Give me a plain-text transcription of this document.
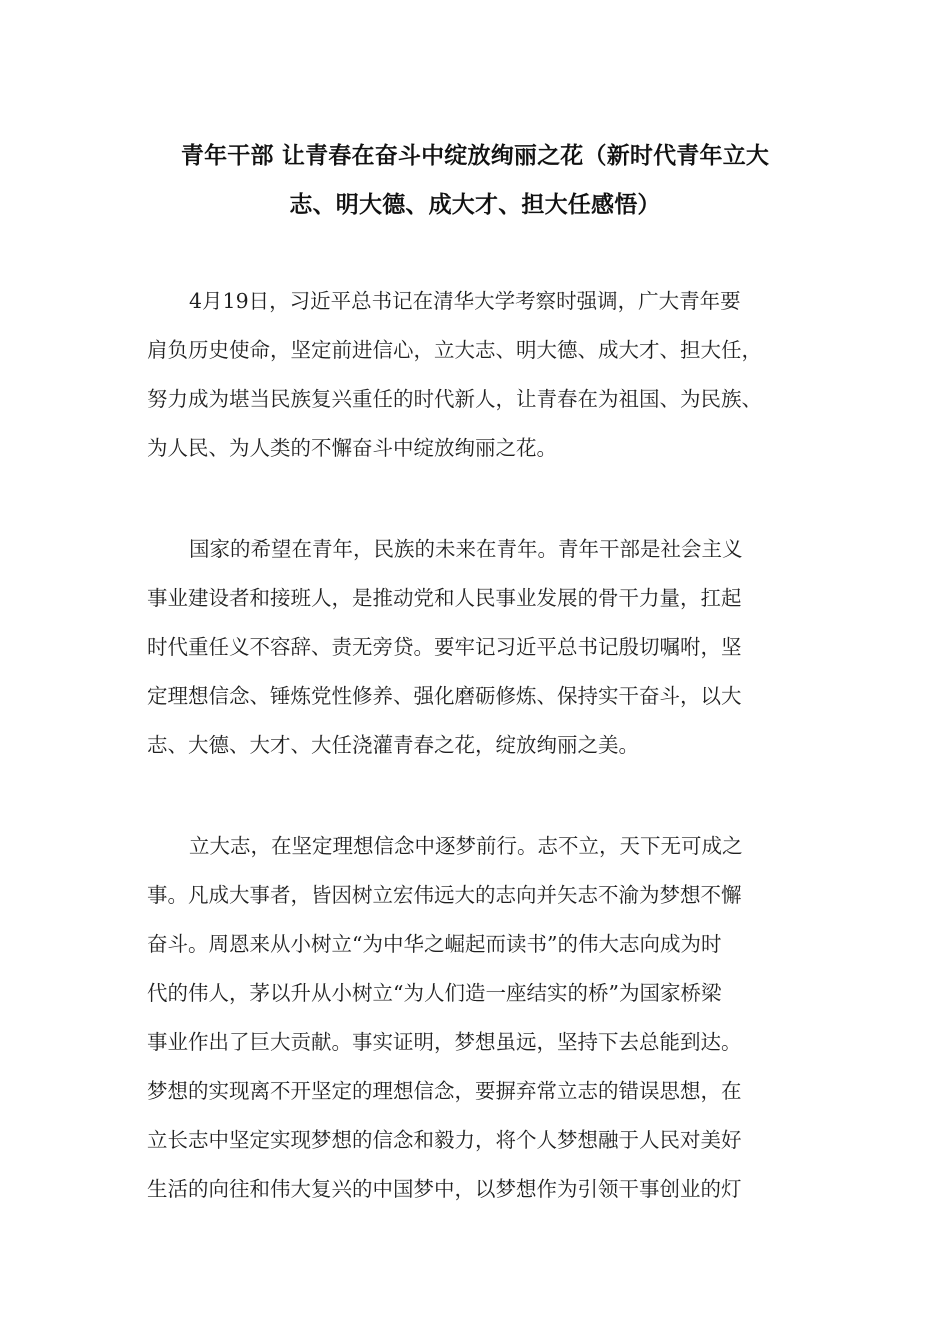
青年干部 让青春在奋斗中绽放绚丽之花（新时代青年立大
志、明大德、成大才、担大任感悟）
4月19日，习近平总书记在清华大学考察时强调，广大青年要
肩负历史使命，坚定前进信心，立大志、明大德、成大才、担大任，
努力成为堪当民族复兴重任的时代新人，让青春在为祖国、为民族、
为人民、为人类的不懈奋斗中绽放绚丽之花。
国家的希望在青年，民族的未来在青年。青年干部是社会主义
事业建设者和接班人，是推动党和人民事业发展的骨干力量，扛起
时代重任义不容辞、责无旁贷。要牢记习近平总书记殷切嘱咐，坚
定理想信念、锤炼党性修养、强化磨砺修炼、保持实干奋斗，以大
志、大德、大才、大任浇灌青春之花，绽放绚丽之美。
立大志，在坚定理想信念中逐梦前行。志不立，天下无可成之
事。凡成大事者，皆因树立宏伟远大的志向并矢志不渝为梦想不懈
奋斗。周恩来从小树立“为中华之崛起而读书”的伟大志向成为时
代的伟人，茅以升从小树立“为人们造一座结实的桥”为国家桥梁
事业作出了巨大贡献。事实证明，梦想虽远，坚持下去总能到达。
梦想的实现离不开坚定的理想信念，要摒弃常立志的错误思想，在
立长志中坚定实现梦想的信念和毅力，将个人梦想融于人民对美好
生活的向往和伟大复兴的中国梦中，以梦想作为引领干事创业的灯
